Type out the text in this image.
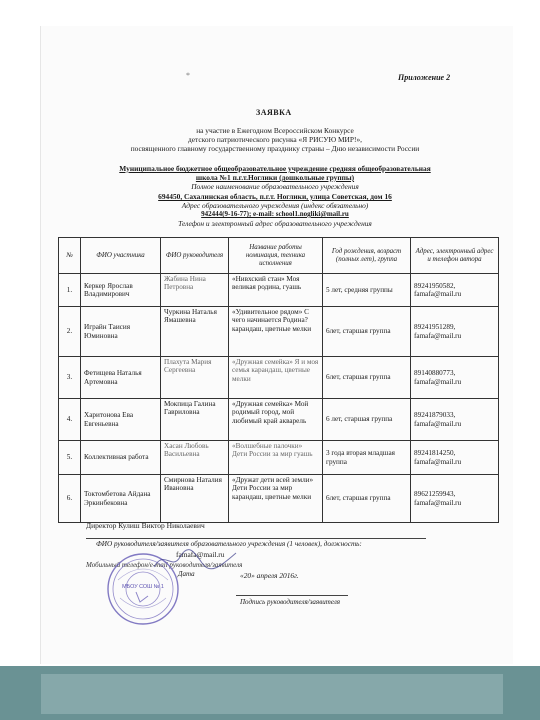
*	Приложение 2
ЗАЯВКА
на участие в Ежегодном Всероссийском Конкурсе
детского патриотического рисунка «Я РИСУЮ МИР!»,
посвященного главному государственному празднику страны – Дню независимости России
Муниципальное бюджетное общеобразовательное учреждение средняя общеобразовательная
школа №1 п.г.т.Ноглики (дошкольные группы)
Полное наименование образовательного учреждения
694450, Сахалинская область, п.г.т. Ноглики, улица Советская, дом 16
Адрес образовательного учреждения (индекс обязательно)
942444(9-16-77); e-mail: school1.nogliki@mail.ru
Телефон и электронный адрес образовательного учреждения
№	ФИО участника	ФИО руководителя	Название работы номинация, техника исполнения	Год рождения, возраст (полных лет), группа	Адрес, электронный адрес и телефон автора
1.	Керкер Ярослав Владимирович	Жабина Нина Петровна	«Нивхский стан» Моя великая родина, гуашь	5 лет, средняя группы	89241950582, famafa@mail.ru
2.	Играйн Таисия Юминовна	Чуркина Наталья Ямашевна	«Удивительное рядом» С чего начинается Родина? карандаш, цветные мелки	6лет, старшая группа	89241951289, famafa@mail.ru
3.	Фетищева Наталья Артемовна	Плахута Мария Сергеевна	«Дружная семейка» Я и моя семья карандаш, цветные мелки	6лет, старшая группа	89140880773, famafa@mail.ru
4.	Харитонова Ева Евгеньевна	Мокпица Галина Гавриловна	«Дружная семейка» Мой родимый город, мой любимый край акварель	6 лет, старшая группа	89241879033, famafa@mail.ru
5.	Коллективная работа	Хасан Любовь Васильевна	«Волшебные палочки» Дети России за мир гуашь	3 года вторая младшая группа	89241814250, famafa@mail.ru
6.	Токтомбетова Айдана Эркинбековна	Смирнова Наталия Ивановна	«Дружат дети всей земли» Дети России за мир карандаш, цветные мелки	6лет, старшая группа	89621259943, famafa@mail.ru
Директор Кулиш Виктор Николаевич
ФИО руководителя/заявителя образовательного учреждения (1 человек), должность:
famafa@mail.ru
Мобильный телефон/e-mail руководителя/заявителя
Дата	«20» апреля 2016г.
Подпись руководителя/заявителя
МБОУ СОШ № 1
